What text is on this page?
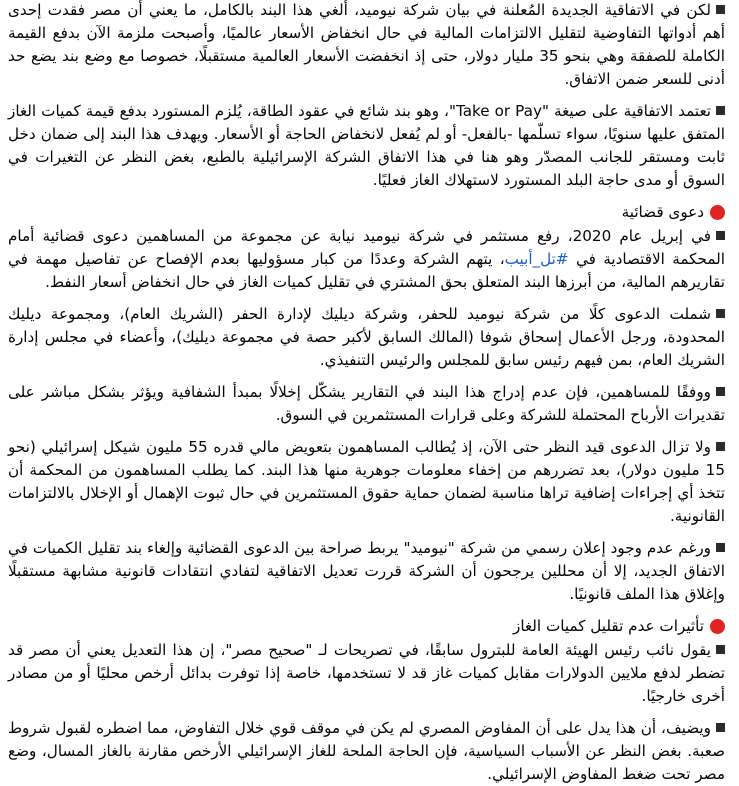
لكن في الاتفاقية الجديدة المُعلنة في بيان شركة نيوميد، ألغي هذا البند بالكامل، ما يعني أن مصر فقدت إحدى أهم أدواتها التفاوضية لتقليل الالتزامات المالية في حال انخفاض الأسعار عالميًا، وأصبحت ملزمة الآن بدفع القيمة الكاملة للصفقة وهي بنحو 35 مليار دولار، حتى إذ انخفضت الأسعار العالمية مستقبلًا، خصوصا مع وضع بند يضع حد أدنى للسعر ضمن الاتفاق.

تعتمد الاتفاقية على صيغة "Take or Pay"، وهو بند شائع في عقود الطاقة، يُلزم المستورد بدفع قيمة كميات الغاز المتفق عليها سنويًا، سواء تسلّمها -بالفعل- أو لم يُفعل لانخفاض الحاجة أو الأسعار. ويهدف هذا البند إلى ضمان دخل ثابت ومستقر للجانب المصدّر وهو هنا في هذا الاتفاق الشركة الإسرائيلية بالطبع، بغض النظر عن التغيرات في السوق أو مدى حاجة البلد المستورد لاستهلاك الغاز فعليًا.

دعوى قضائية

في إبريل عام 2020، رفع مستثمر في شركة نيوميد نيابة عن مجموعة من المساهمين دعوى قضائية أمام المحكمة الاقتصادية في #تل_أبيب، يتهم الشركة وعددًا من كبار مسؤوليها بعدم الإفصاح عن تفاصيل مهمة في تقاريرهم المالية، من أبرزها البند المتعلق بحق المشتري في تقليل كميات الغاز في حال انخفاض أسعار النفط.

شملت الدعوى كلًا من شركة نيوميد للحفر، وشركة ديليك لإدارة الحفر (الشريك العام)، ومجموعة ديليك المحدودة، ورجل الأعمال إسحاق شوفا (المالك السابق لأكبر حصة في مجموعة ديليك)، وأعضاء في مجلس إدارة الشريك العام، بمن فيهم رئيس سابق للمجلس والرئيس التنفيذي.

ووفقًا للمساهمين، فإن عدم إدراج هذا البند في التقارير يشكّل إخلالًا بمبدأ الشفافية ويؤثر بشكل مباشر على تقديرات الأرباح المحتملة للشركة وعلى قرارات المستثمرين في السوق.

ولا تزال الدعوى قيد النظر حتى الآن، إذ يُطالب المساهمون بتعويض مالي قدره 55 مليون شيكل إسرائيلي (نحو 15 مليون دولار)، بعد تضررهم من إخفاء معلومات جوهرية منها هذا البند. كما يطلب المساهمون من المحكمة أن تتخذ أي إجراءات إضافية تراها مناسبة لضمان حماية حقوق المستثمرين في حال ثبوت الإهمال أو الإخلال بالالتزامات القانونية.

ورغم عدم وجود إعلان رسمي من شركة "نيوميد" يربط صراحة بين الدعوى القضائية وإلغاء بند تقليل الكميات في الاتفاق الجديد، إلا أن محللين يرجحون أن الشركة قررت تعديل الاتفاقية لتفادي انتقادات قانونية مشابهة مستقبلًا وإغلاق هذا الملف قانونيًا.

تأثيرات عدم تقليل كميات الغاز

يقول نائب رئيس الهيئة العامة للبترول سابقًا، في تصريحات لـ "صحيح مصر"، إن هذا التعديل يعني أن مصر قد تضطر لدفع ملايين الدولارات مقابل كميات غاز قد لا تستخدمها، خاصة إذا توفرت بدائل أرخص محليًا أو من مصادر أخرى خارجيًا.

ويضيف، أن هذا يدل على أن المفاوض المصري لم يكن في موقف قوي خلال التفاوض، مما اضطره لقبول شروط صعبة. بغض النظر عن الأسباب السياسية، فإن الحاجة الملحة للغاز الإسرائيلي الأرخص مقارنة بالغاز المسال، وضع مصر تحت ضغط المفاوض الإسرائيلي.
